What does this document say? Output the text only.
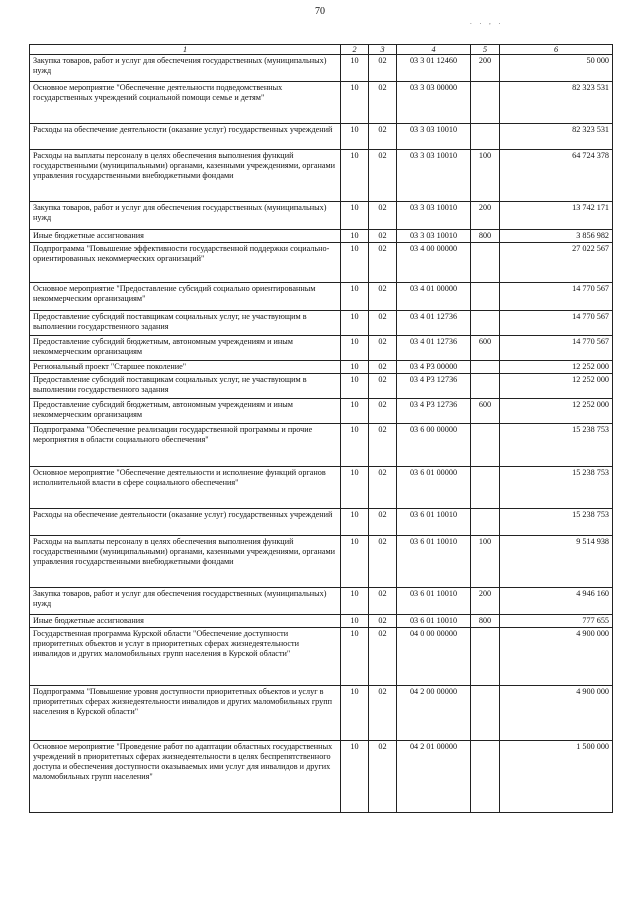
70
. . , .
1	2	3	4	5	6
Закупка товаров, работ и услуг для обеспечения государственных (муниципальных) нужд	10	02	03 3 01 12460	200	50 000
Основное мероприятие "Обеспечение деятельности подведомственных государственных учреждений социальной помощи семье и детям"	10	02	03 3 03 00000		82 323 531
Расходы на обеспечение деятельности (оказание услуг) государственных учреждений	10	02	03 3 03 10010		82 323 531
Расходы на выплаты персоналу в целях обеспечения выполнения функций государственными (муниципальными) органами, казенными учреждениями, органами управления государственными внебюджетными фондами	10	02	03 3 03 10010	100	64 724 378
Закупка товаров, работ и услуг для обеспечения государственных (муниципальных) нужд	10	02	03 3 03 10010	200	13 742 171
Иные бюджетные ассигнования	10	02	03 3 03 10010	800	3 856 982
Подпрограмма "Повышение эффективности государственной поддержки социально-ориентированных некоммерческих организаций"	10	02	03 4 00 00000		27 022 567
Основное мероприятие "Предоставление субсидий социально ориентированным некоммерческим организациям"	10	02	03 4 01 00000		14 770 567
Предоставление субсидий поставщикам социальных услуг, не участвующим в выполнении государственного задания	10	02	03 4 01 12736		14 770 567
Предоставление субсидий бюджетным, автономным учреждениям и иным некоммерческим организациям	10	02	03 4 01 12736	600	14 770 567
Региональный проект "Старшее поколение"	10	02	03 4 P3 00000		12 252 000
Предоставление субсидий поставщикам социальных услуг, не участвующим в выполнении государственного задания	10	02	03 4 P3 12736		12 252 000
Предоставление субсидий бюджетным, автономным учреждениям и иным некоммерческим организациям	10	02	03 4 P3 12736	600	12 252 000
Подпрограмма "Обеспечение реализации государственной программы и прочие мероприятия в области социального обеспечения"	10	02	03 6 00 00000		15 238 753
Основное мероприятие "Обеспечение деятельности и исполнение функций органов исполнительной власти в сфере социального обеспечения"	10	02	03 6 01 00000		15 238 753
Расходы на обеспечение деятельности (оказание услуг) государственных учреждений	10	02	03 6 01 10010		15 238 753
Расходы на выплаты персоналу в целях обеспечения выполнения функций государственными (муниципальными) органами, казенными учреждениями, органами управления государственными внебюджетными фондами	10	02	03 6 01 10010	100	9 514 938
Закупка товаров, работ и услуг для обеспечения государственных (муниципальных) нужд	10	02	03 6 01 10010	200	4 946 160
Иные бюджетные ассигнования	10	02	03 6 01 10010	800	777 655
Государственная программа Курской области "Обеспечение доступности приоритетных объектов и услуг в приоритетных сферах жизнедеятельности инвалидов и других маломобильных групп населения в Курской области"	10	02	04 0 00 00000		4 900 000
Подпрограмма "Повышение уровня доступности приоритетных объектов и услуг в приоритетных сферах жизнедеятельности инвалидов и других маломобильных групп населения в Курской области"	10	02	04 2 00 00000		4 900 000
Основное мероприятие "Проведение работ по адаптации областных государственных учреждений в приоритетных сферах жизнедеятельности в целях беспрепятственного доступа и обеспечения доступности оказываемых ими услуг для инвалидов и других маломобильных групп населения"	10	02	04 2 01 00000		1 500 000
